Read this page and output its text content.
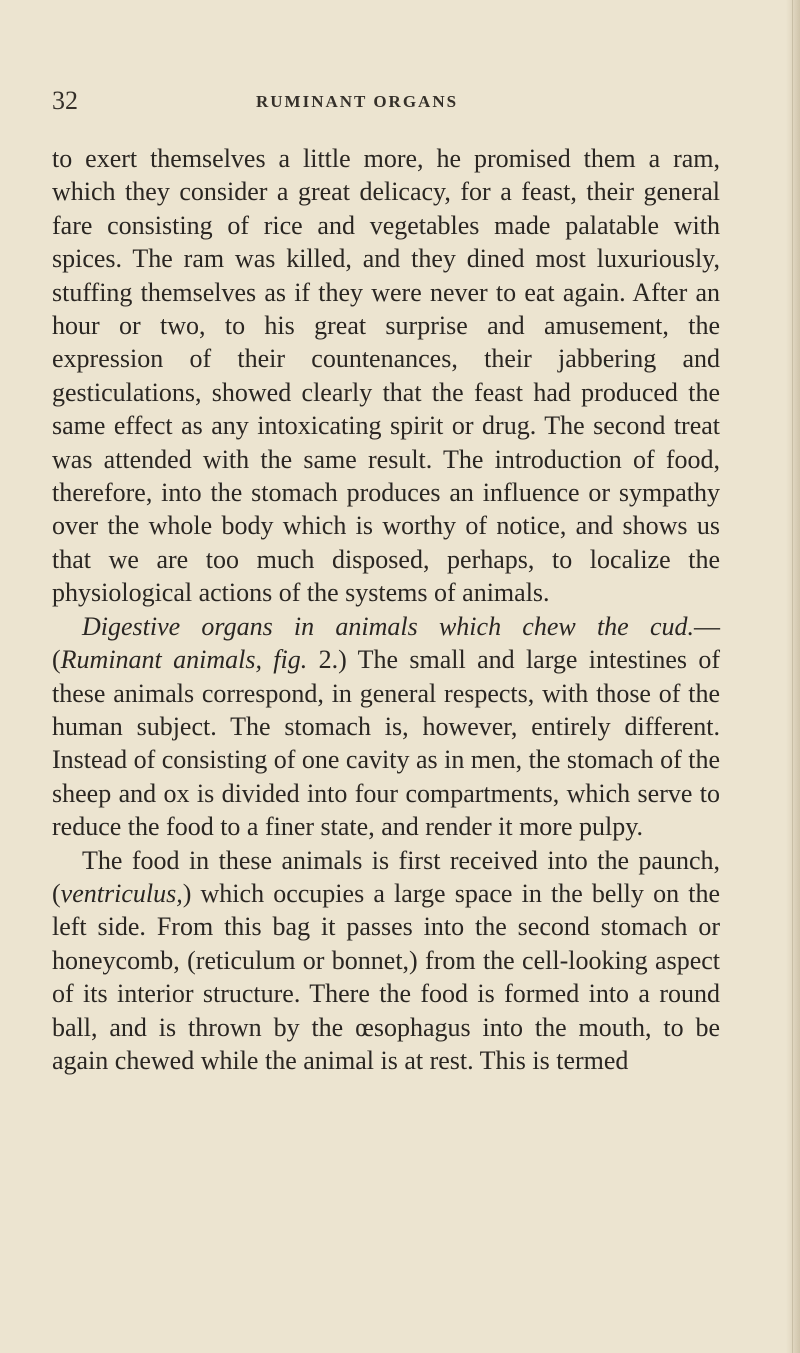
32	RUMINANT ORGANS

to exert themselves a little more, he promised them a ram, which they consider a great delicacy, for a feast, their general fare consisting of rice and vegetables made palatable with spices. The ram was killed, and they dined most luxuriously, stuffing themselves as if they were never to eat again. After an hour or two, to his great surprise and amusement, the expression of their countenances, their jabbering and gesticulations, showed clearly that the feast had produced the same effect as any intoxicating spirit or drug. The second treat was attended with the same result. The introduction of food, therefore, into the stomach produces an influence or sympathy over the whole body which is worthy of notice, and shows us that we are too much disposed, perhaps, to localize the physiological actions of the systems of animals.

Digestive organs in animals which chew the cud.—(Ruminant animals, fig. 2.) The small and large intestines of these animals correspond, in general respects, with those of the human subject. The stomach is, however, entirely different. Instead of consisting of one cavity as in men, the stomach of the sheep and ox is divided into four compartments, which serve to reduce the food to a finer state, and render it more pulpy.

The food in these animals is first received into the paunch, (ventriculus,) which occupies a large space in the belly on the left side. From this bag it passes into the second stomach or honeycomb, (reticulum or bonnet,) from the cell-looking aspect of its interior structure. There the food is formed into a round ball, and is thrown by the œsophagus into the mouth, to be again chewed while the animal is at rest. This is termed
